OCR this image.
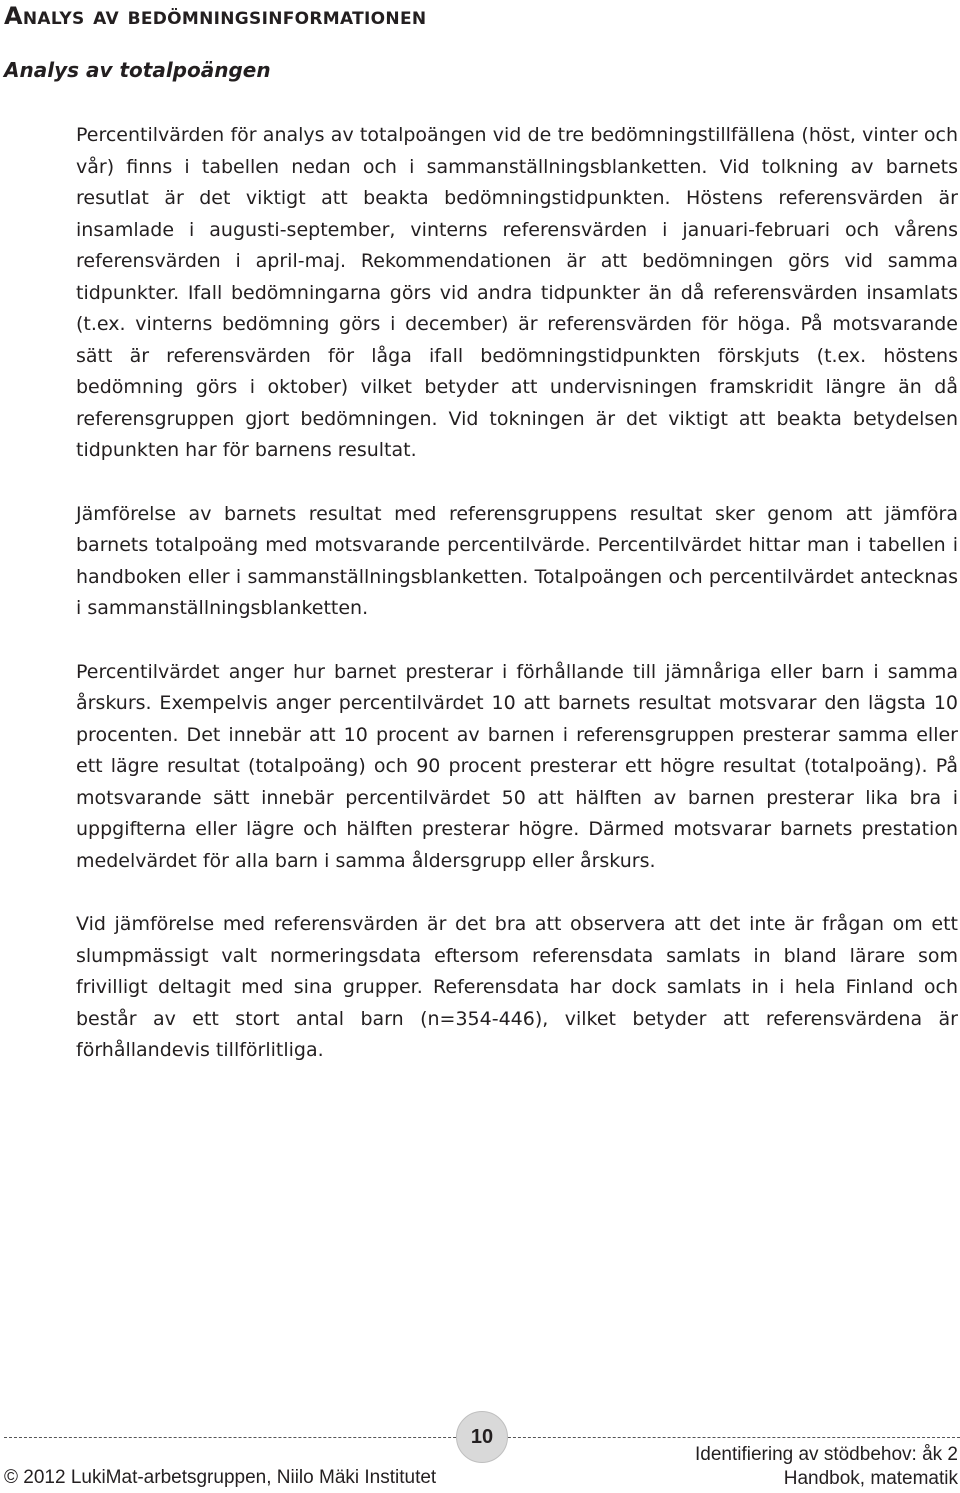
Analys av bedömningsinformationen
Analys av totalpoängen

Percentilvärden för analys av totalpoängen vid de tre bedömningstillfällena (höst, vinter och vår) finns i tabellen nedan och i sammanställningsblanketten. Vid tolkning av barnets resutlat är det viktigt att beakta bedömningstidpunkten. Höstens referensvärden är insamlade i augusti-september, vinterns referensvärden i januari-februari och vårens referensvärden i april-maj. Rekommendationen är att bedömningen görs vid samma tidpunkter. Ifall bedömningarna görs vid andra tidpunkter än då referensvärden insamlats (t.ex. vinterns bedömning görs i december) är referensvärden för höga. På motsvarande sätt är referensvärden för låga ifall bedömningstidpunkten förskjuts (t.ex. höstens bedömning görs i oktober) vilket betyder att undervisningen framskridit längre än då referensgruppen gjort bedömningen. Vid tokningen är det viktigt att beakta betydelsen tidpunkten har för barnens resultat.

Jämförelse av barnets resultat med referensgruppens resultat sker genom att jämföra barnets totalpoäng med motsvarande percentilvärde. Percentilvärdet hittar man i tabellen i handboken eller i sammanställningsblanketten. Totalpoängen och percentilvärdet antecknas i sammanställningsblanketten.

Percentilvärdet anger hur barnet presterar i förhållande till jämnåriga eller barn i samma årskurs. Exempelvis anger percentilvärdet 10 att barnets resultat motsvarar den lägsta 10 procenten. Det innebär att 10 procent av barnen i referensgruppen presterar samma eller ett lägre resultat (totalpoäng) och 90 procent presterar ett högre resultat (totalpoäng). På motsvarande sätt innebär percentilvärdet 50 att hälften av barnen presterar lika bra i uppgifterna eller lägre och hälften presterar högre. Därmed motsvarar barnets prestation medelvärdet för alla barn i samma åldersgrupp eller årskurs.

Vid jämförelse med referensvärden är det bra att observera att det inte är frågan om ett slumpmässigt valt normeringsdata eftersom referensdata samlats in bland lärare som frivilligt deltagit med sina grupper. Referensdata har dock samlats in i hela Finland och består av ett stort antal barn (n=354-446), vilket betyder att referensvärdena är förhållandevis tillförlitliga.

10
© 2012 LukiMat-arbetsgruppen, Niilo Mäki Institutet
Identifiering av stödbehov: åk 2
Handbok, matematik
